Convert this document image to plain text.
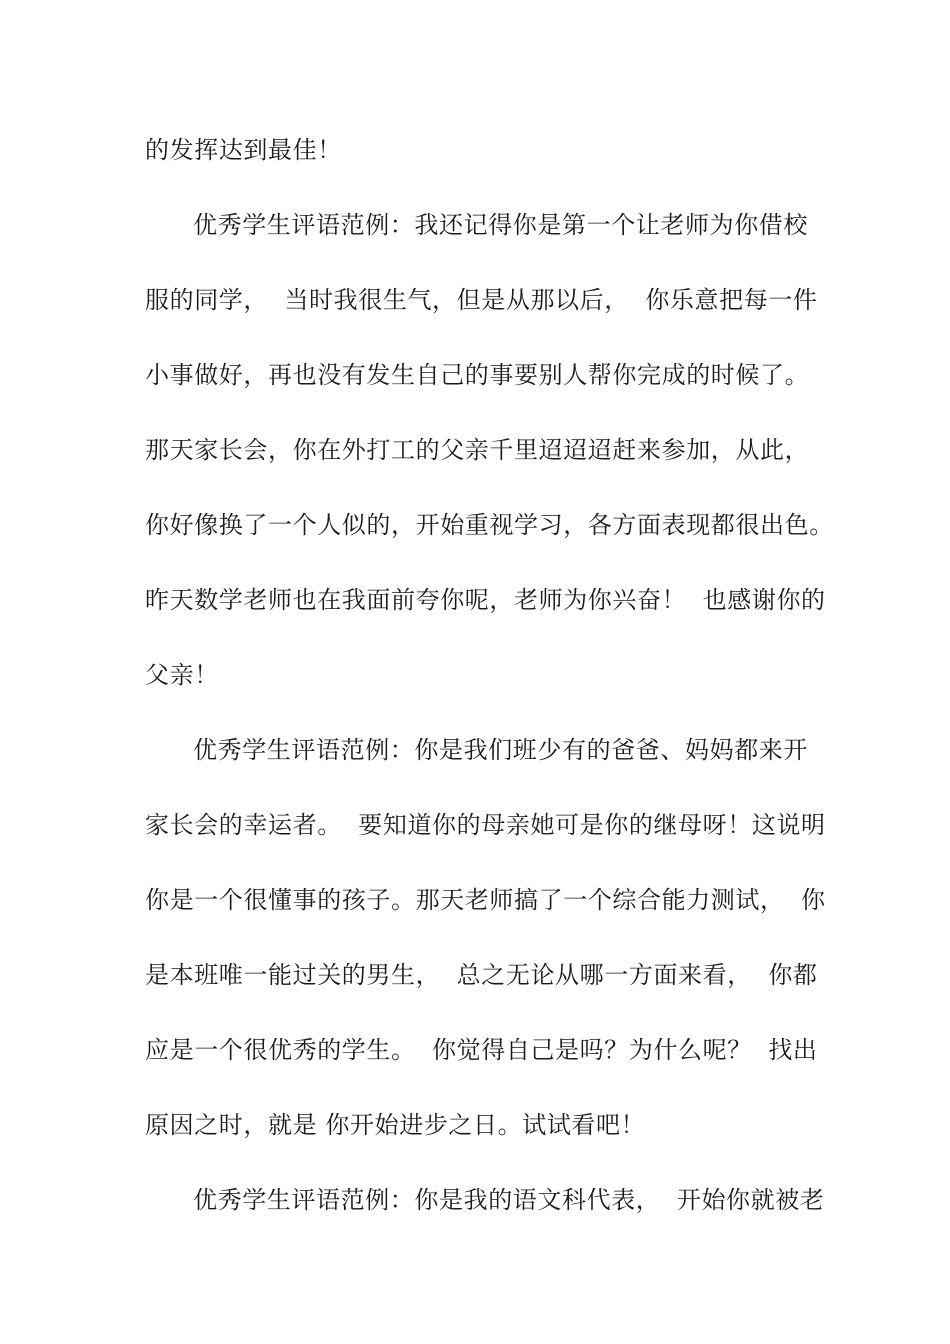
的发挥达到最佳！

优秀学生评语范例：我还记得你是第一个让老师为你借校

服的同学，  当时我很生气，但是从那以后，  你乐意把每一件

小事做好，再也没有发生自己的事要别人帮你完成的时候了。

那天家长会，你在外打工的父亲千里迢迢迢赶来参加，从此，

你好像换了一个人似的，开始重视学习，各方面表现都很出色。

昨天数学老师也在我面前夸你呢，老师为你兴奋！  也感谢你的

父亲！

优秀学生评语范例：你是我们班少有的爸爸、妈妈都来开

家长会的幸运者。  要知道你的母亲她可是你的继母呀！这说明

你是一个很懂事的孩子。那天老师搞了一个综合能力测试，  你

是本班唯一能过关的男生，  总之无论从哪一方面来看，  你都

应是一个很优秀的学生。  你觉得自己是吗？为什么呢？  找出

原因之时，就是 你开始进步之日。试试看吧！

优秀学生评语范例：你是我的语文科代表，  开始你就被老
